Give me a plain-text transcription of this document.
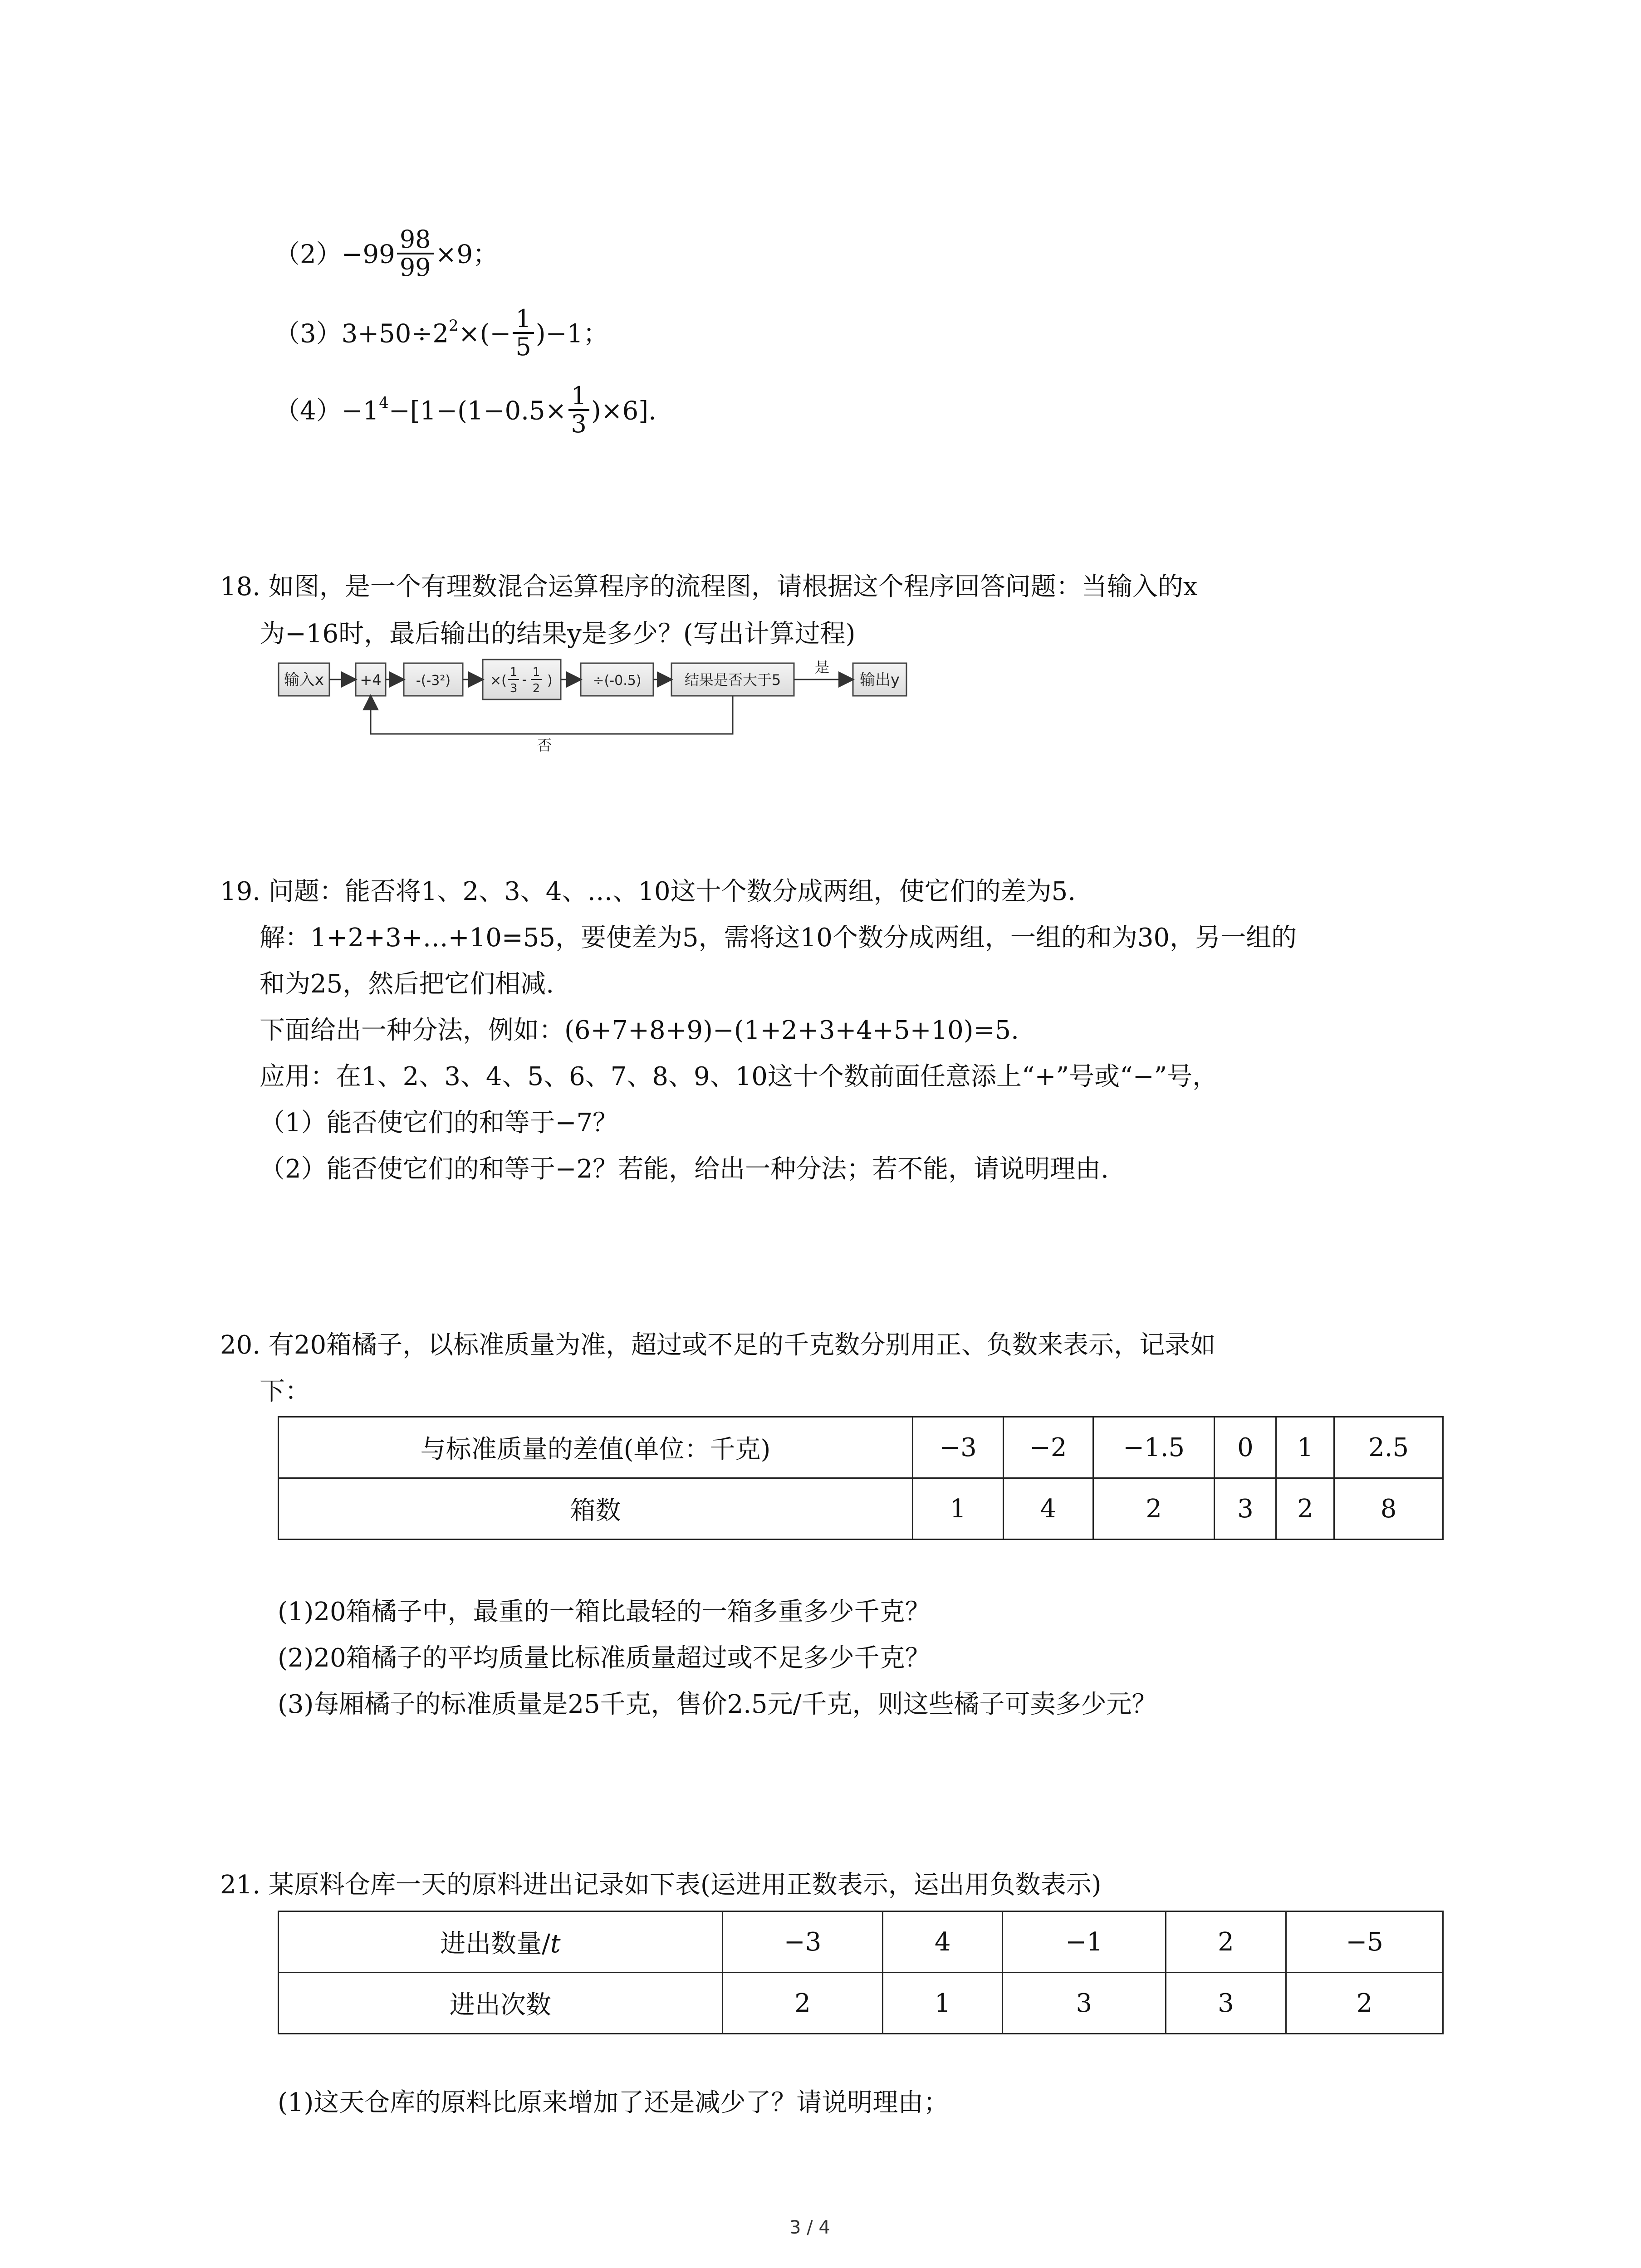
$(2)-99 \frac{98}{99} \times 9$；
$(3)3+50\div 2^2\times(- \frac{1}{5} )-1$；
$(4)-1^4-[1-(1-0.5\times \frac{1}{3} )\times 6]$.
18. 如图，是一个有理数混合运算程序的流程图，请根据这个程序回答问题：当输入的x
为−16时，最后输出的结果y是多少？(写出计算过程)
输入x +4	-(-3²)	×(
1
3
- 1
2 )	÷(-0.5)	结果是否大于5	输出y
是
否
19. 问题：能否将1、2、3、4、…、10这十个数分成两组，使它们的差为5.
解：1+2+3+…+10=55，要使差为5，需将这10个数分成两组，一组的和为30，另一组的
和为25，然后把它们相减.
下面给出一种分法，例如：(6+7+8+9)−(1+2+3+4+5+10)=5.
应用：在1、2、3、4、5、6、7、8、9、10这十个数前面任意添上“+”号或“−”号，
（1）能否使它们的和等于−7？
（2）能否使它们的和等于−2？若能，给出一种分法；若不能，请说明理由.
20. 有20箱橘子，以标准质量为准，超过或不足的千克数分别用正、负数来表示，记录如
下：
与标准质量的差值(单位：千克)	−3	−2	−1.5	0	1	2.5
箱数	1	4	2	3	2	8
(1)20箱橘子中，最重的一箱比最轻的一箱多重多少千克？
(2)20箱橘子的平均质量比标准质量超过或不足多少千克？
(3)每厢橘子的标准质量是25千克，售价2.5元/千克，则这些橘子可卖多少元？
21. 某原料仓库一天的原料进出记录如下表(运进用正数表示，运出用负数表示)
进出数量/t	−3	4	−1	2	−5
进出次数	2	1	3	3	2
(1)这天仓库的原料比原来增加了还是减少了？请说明理由；
3 / 4
